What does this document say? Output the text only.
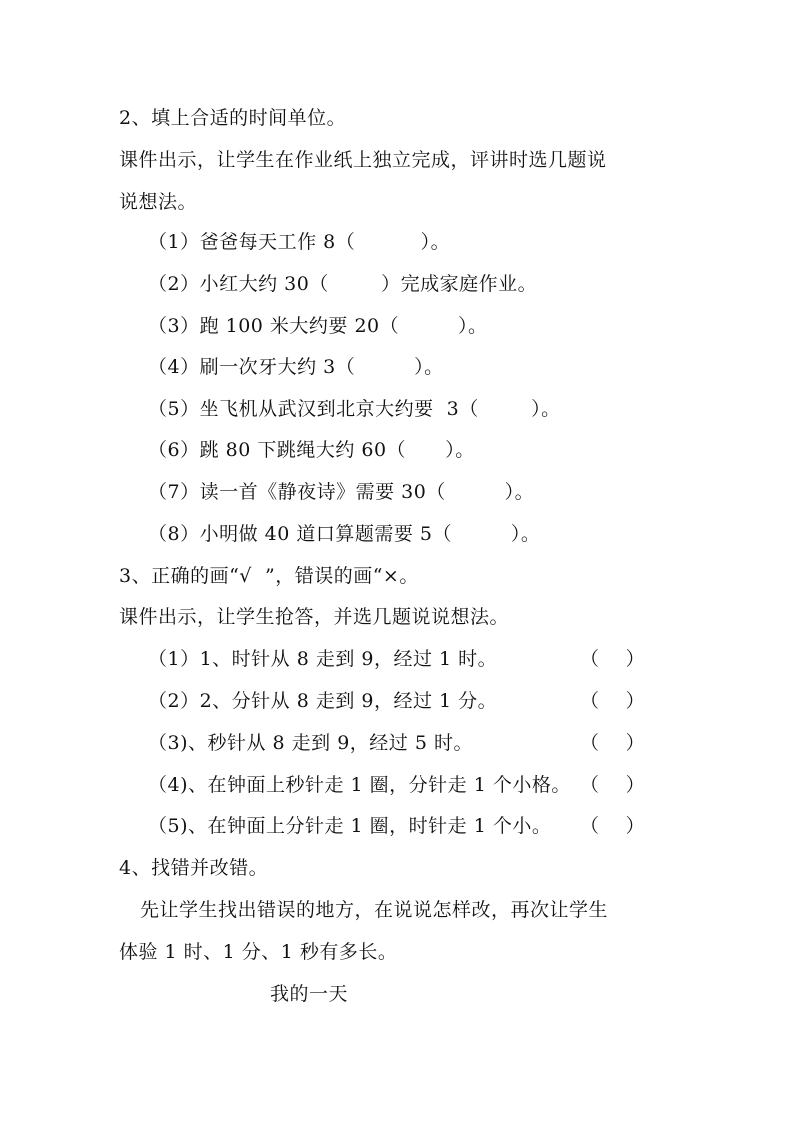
2、填上合适的时间单位。
课件出示，让学生在作业纸上独立完成，评讲时选几题说
说想法。
（1）爸爸每天工作 8（          ）。
（2）小红大约 30（        ）完成家庭作业。
（3）跑 100 米大约要 20（         ）。
（4）刷一次牙大约 3（         ）。
（5）坐飞机从武汉到北京大约要  3（        ）。
（6）跳 80 下跳绳大约 60（      ）。
（7）读一首《静夜诗》需要 30（         ）。
（8）小明做 40 道口算题需要 5（         ）。
3、正确的画“√  ”，错误的画“×。
课件出示，让学生抢答，并选几题说说想法。
（1）1、时针从 8 走到 9，经过 1 时。	（    ）
（2）2、分针从 8 走到 9，经过 1 分。	（    ）
（3)、秒针从 8 走到 9，经过 5 时。	（    ）
（4)、在钟面上秒针走 1 圈，分针走 1 个小格。 （    ）
（5)、在钟面上分针走 1 圈，时针走 1 个小。 （    ）
4、找错并改错。
先让学生找出错误的地方，在说说怎样改，再次让学生
体验 1 时、1 分、1 秒有多长。
我的一天
